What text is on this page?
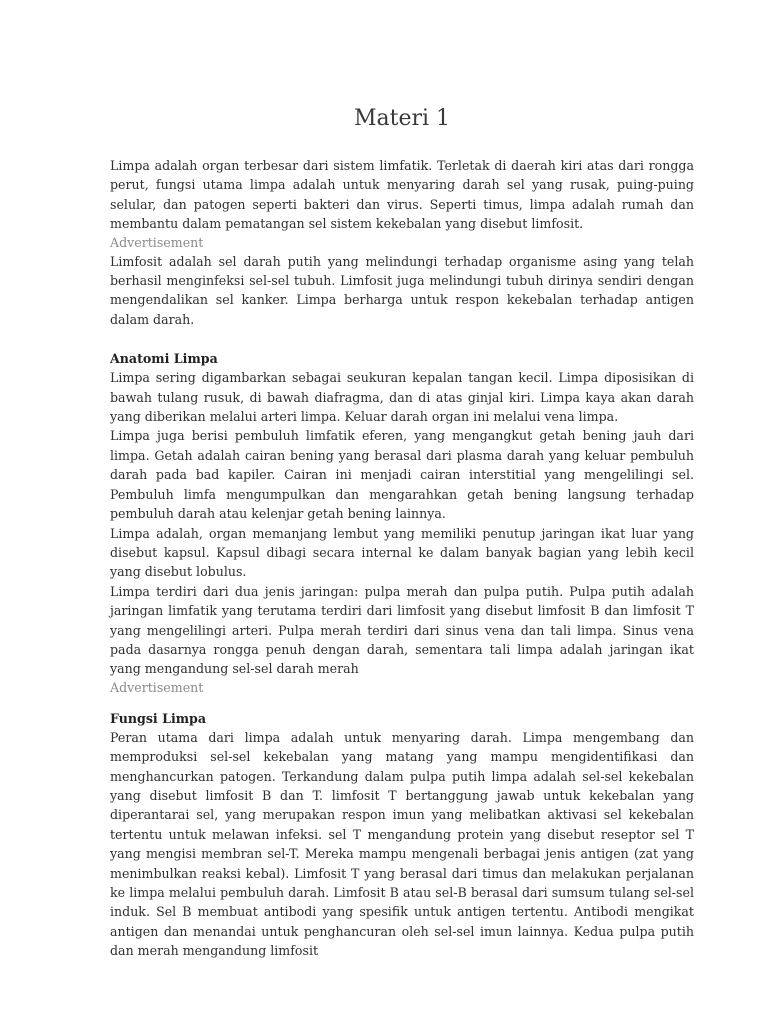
Materi 1

Limpa adalah organ terbesar dari sistem limfatik. Terletak di daerah kiri atas dari rongga perut, fungsi utama limpa adalah untuk menyaring darah sel yang rusak, puing-puing selular, dan patogen seperti bakteri dan virus. Seperti timus, limpa adalah rumah dan membantu dalam pematangan sel sistem kekebalan yang disebut limfosit.

Advertisement

Limfosit adalah sel darah putih yang melindungi terhadap organisme asing yang telah berhasil menginfeksi sel-sel tubuh. Limfosit juga melindungi tubuh dirinya sendiri dengan mengendalikan sel kanker. Limpa berharga untuk respon kekebalan terhadap antigen dalam darah.

Anatomi Limpa

Limpa sering digambarkan sebagai seukuran kepalan tangan kecil. Limpa diposisikan di bawah tulang rusuk, di bawah diafragma, dan di atas ginjal kiri. Limpa kaya akan darah yang diberikan melalui arteri limpa. Keluar darah organ ini melalui vena limpa.

Limpa juga berisi pembuluh limfatik eferen, yang mengangkut getah bening jauh dari limpa. Getah adalah cairan bening yang berasal dari plasma darah yang keluar pembuluh darah pada bad kapiler. Cairan ini menjadi cairan interstitial yang mengelilingi sel. Pembuluh limfa mengumpulkan dan mengarahkan getah bening langsung terhadap pembuluh darah atau kelenjar getah bening lainnya.

Limpa adalah, organ memanjang lembut yang memiliki penutup jaringan ikat luar yang disebut kapsul. Kapsul dibagi secara internal ke dalam banyak bagian yang lebih kecil yang disebut lobulus.

Limpa terdiri dari dua jenis jaringan: pulpa merah dan pulpa putih. Pulpa putih adalah jaringan limfatik yang terutama terdiri dari limfosit yang disebut limfosit B dan limfosit T yang mengelilingi arteri. Pulpa merah terdiri dari sinus vena dan tali limpa. Sinus vena pada dasarnya rongga penuh dengan darah, sementara tali limpa adalah jaringan ikat yang mengandung sel-sel darah merah

Advertisement

Fungsi Limpa

Peran utama dari limpa adalah untuk menyaring darah. Limpa mengembang dan memproduksi sel-sel kekebalan yang matang yang mampu mengidentifikasi dan menghancurkan patogen. Terkandung dalam pulpa putih limpa adalah sel-sel kekebalan yang disebut limfosit B dan T. limfosit T bertanggung jawab untuk kekebalan yang diperantarai sel, yang merupakan respon imun yang melibatkan aktivasi sel kekebalan tertentu untuk melawan infeksi. sel T mengandung protein yang disebut reseptor sel T yang mengisi membran sel-T. Mereka mampu mengenali berbagai jenis antigen (zat yang menimbulkan reaksi kebal). Limfosit T yang berasal dari timus dan melakukan perjalanan ke limpa melalui pembuluh darah. Limfosit B atau sel-B berasal dari sumsum tulang sel-sel induk. Sel B membuat antibodi yang spesifik untuk antigen tertentu. Antibodi mengikat antigen dan menandai untuk penghancuran oleh sel-sel imun lainnya. Kedua pulpa putih dan merah mengandung limfosit
